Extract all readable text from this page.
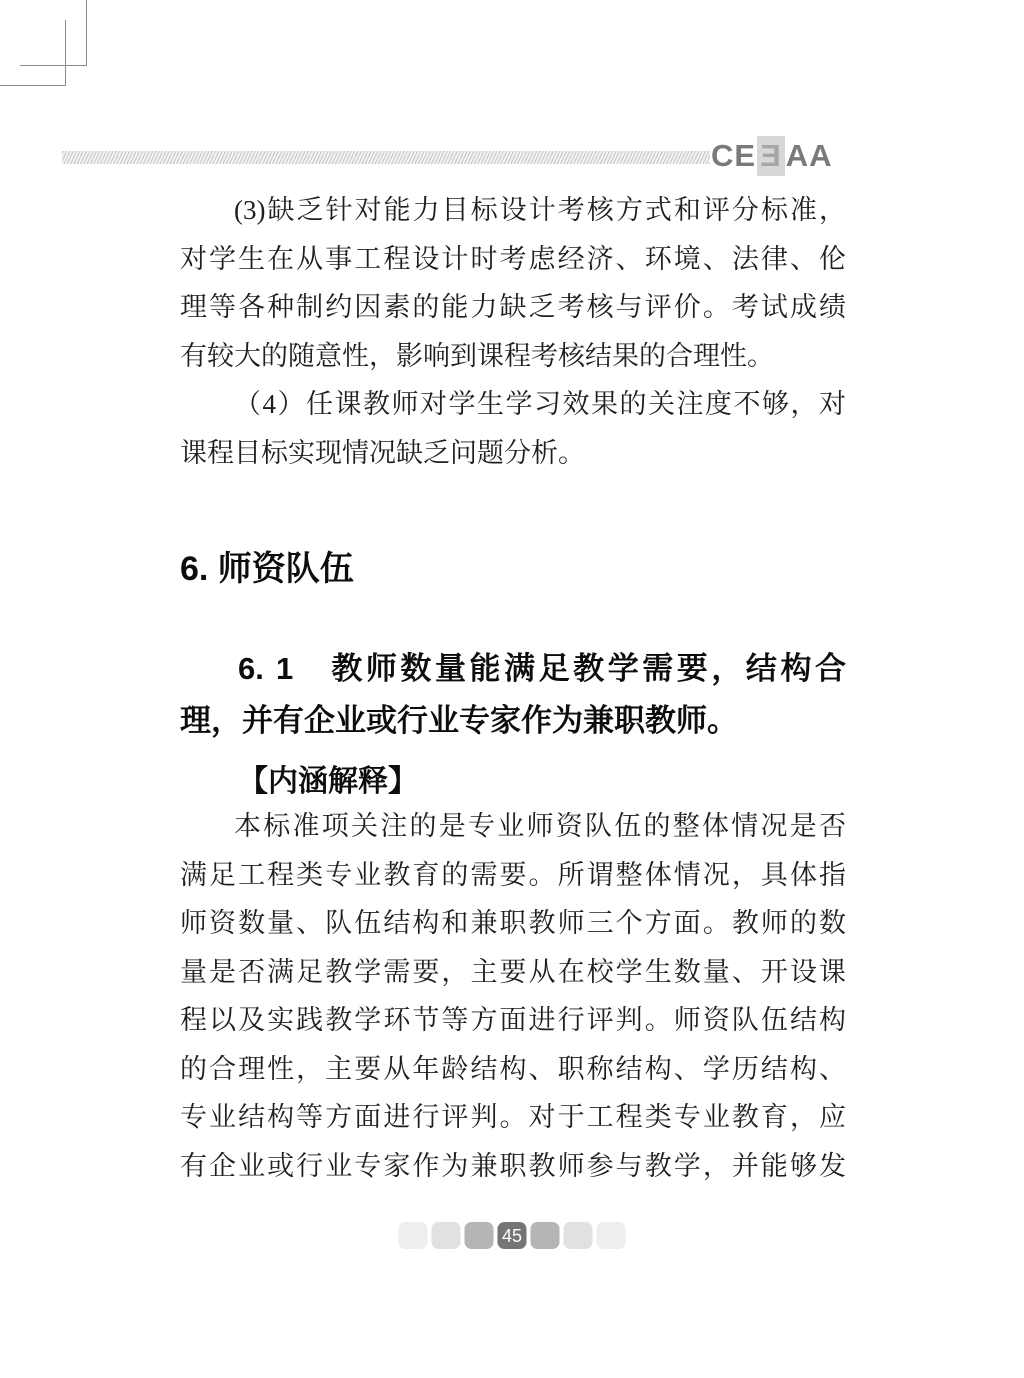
CE Ǝ AA
(3)缺乏针对能力目标设计考核方式和评分标准，
对学生在从事工程设计时考虑经济、环境、法律、伦
理等各种制约因素的能力缺乏考核与评价。考试成绩
有较大的随意性，影响到课程考核结果的合理性。
（4）任课教师对学生学习效果的关注度不够，对
课程目标实现情况缺乏问题分析。
6. 师资队伍
6. 1　教师数量能满足教学需要，结构合
理，并有企业或行业专家作为兼职教师。
【内涵解释】
本标准项关注的是专业师资队伍的整体情况是否
满足工程类专业教育的需要。所谓整体情况，具体指
师资数量、队伍结构和兼职教师三个方面。教师的数
量是否满足教学需要，主要从在校学生数量、开设课
程以及实践教学环节等方面进行评判。师资队伍结构
的合理性，主要从年龄结构、职称结构、学历结构、
专业结构等方面进行评判。对于工程类专业教育，应
有企业或行业专家作为兼职教师参与教学，并能够发
45
